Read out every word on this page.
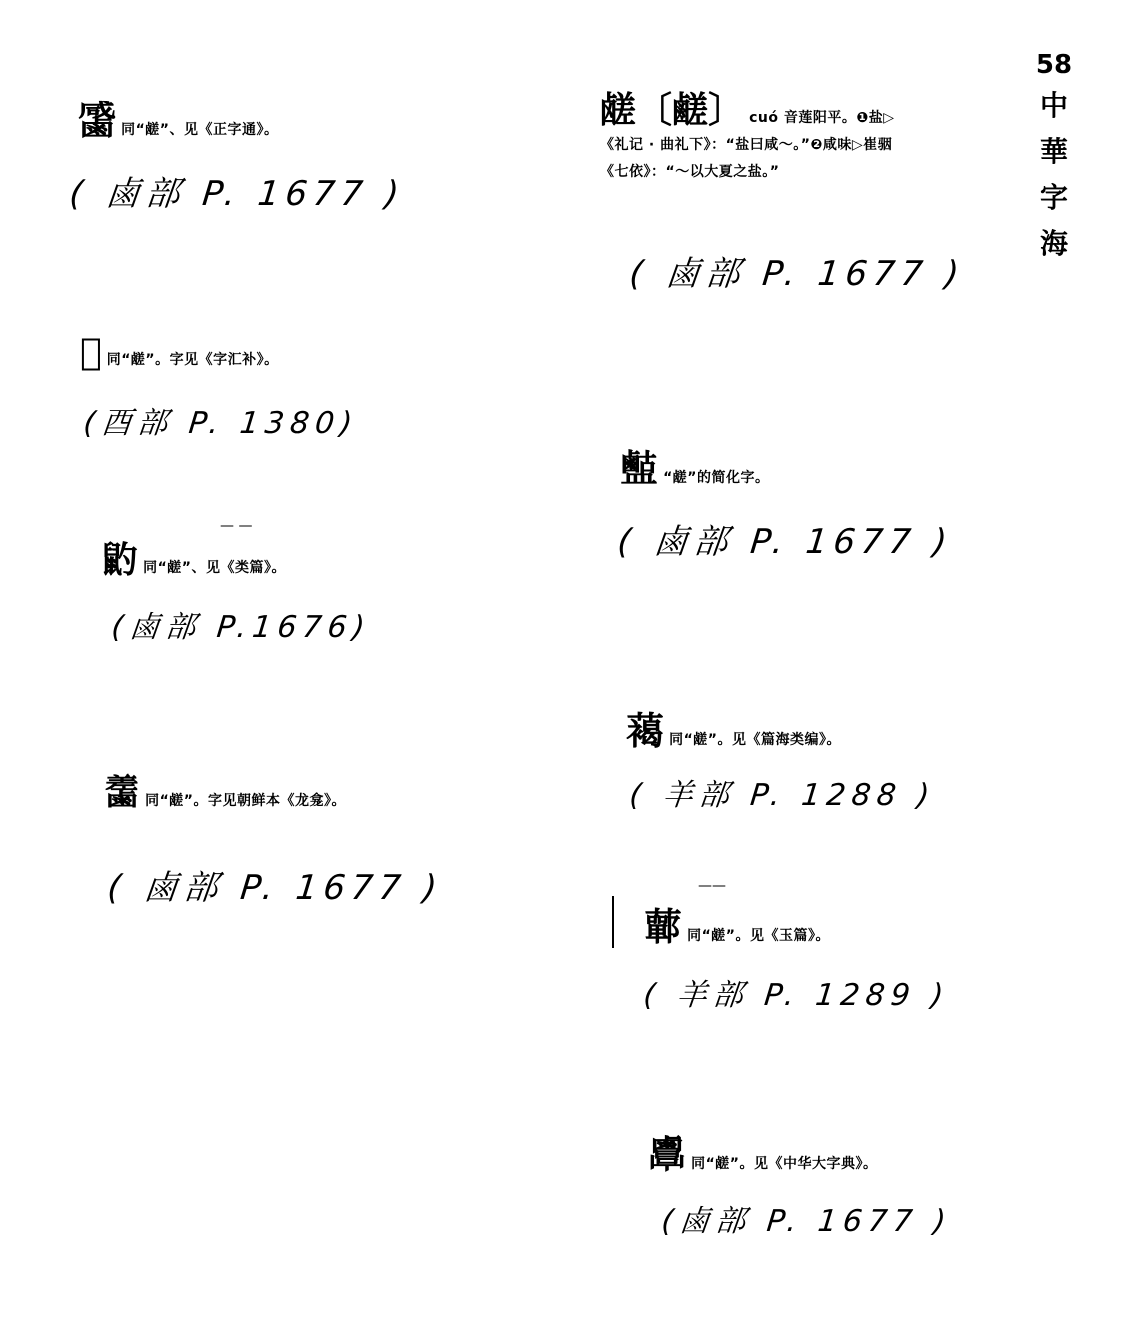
58
中
華
字
海
𪉳 同“鹾”、见《正字通》。
( 鹵部 P. 1677 )
𨣥 同“鹾”。字见《字汇补》。
(酉部 P. 1380)
— —
䶂 同“鹾”、见《类篇》。
(鹵部 P.1676)
𪉵 同“鹾”。字见朝鲜本《龙龛》。
( 鹵部 P. 1677 )
鹾〔鹺〕 cuó 音莲阳平。❶盐▷《礼记 · 曲礼下》：“盐曰咸～。”❷咸味▷崔骃《七依》：“～以大夏之盐。”
( 鹵部 P. 1677 )
𪉶 “鹾”的简化字。
( 鹵部 P. 1677 )
䕣 同“鹾”。见《篇海类编》。
( 羊部 P. 1288 )
——
䕤 同“鹾”。见《玉篇》。
( 羊部 P. 1289 )
𪉷 同“鹾”。见《中华大字典》。
(鹵部 P. 1677 )
